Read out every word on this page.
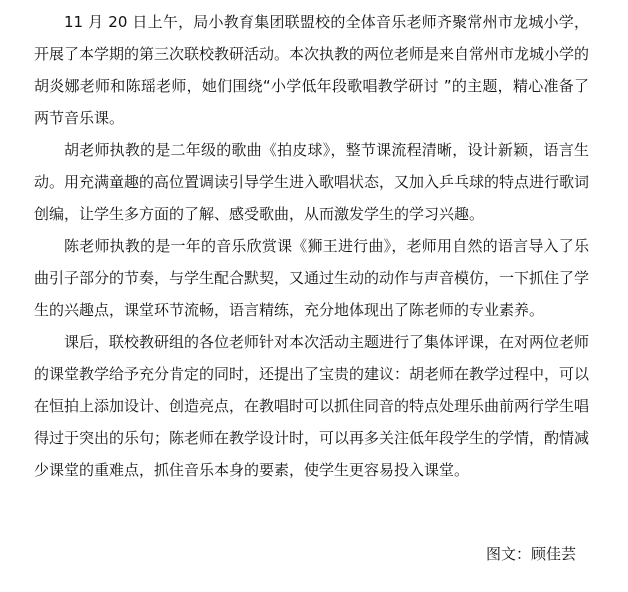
11 月 20 日上午，局小教育集团联盟校的全体音乐老师齐聚常州市龙城小学，开展了本学期的第三次联校教研活动。本次执教的两位老师是来自常州市龙城小学的胡炎娜老师和陈瑶老师，她们围绕“小学低年段歌唱教学研讨 ”的主题，精心准备了两节音乐课。

胡老师执教的是二年级的歌曲《拍皮球》，整节课流程清晰，设计新颖，语言生动。用充满童趣的高位置调读引导学生进入歌唱状态，又加入乒乓球的特点进行歌词创编，让学生多方面的了解、感受歌曲，从而激发学生的学习兴趣。

陈老师执教的是一年的音乐欣赏课《狮王进行曲》，老师用自然的语言导入了乐曲引子部分的节奏，与学生配合默契，又通过生动的动作与声音模仿，一下抓住了学生的兴趣点，课堂环节流畅，语言精练，充分地体现出了陈老师的专业素养。

课后，联校教研组的各位老师针对本次活动主题进行了集体评课，在对两位老师的课堂教学给予充分肯定的同时，还提出了宝贵的建议：胡老师在教学过程中，可以在恒拍上添加设计、创造亮点，在教唱时可以抓住同音的特点处理乐曲前两行学生唱得过于突出的乐句；陈老师在教学设计时，可以再多关注低年段学生的学情，酌情减少课堂的重难点，抓住音乐本身的要素，使学生更容易投入课堂。

图文：顾佳芸
